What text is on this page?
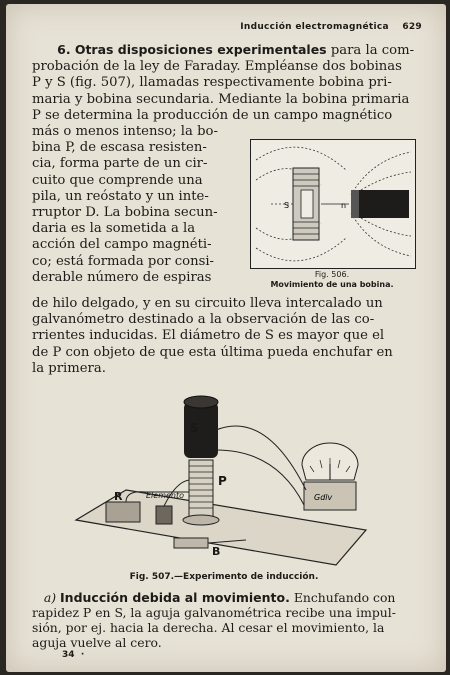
Inducción electromagnética 629
6. Otras disposiciones experimentales para la com-
probación de la ley de Faraday. Empléanse dos bobinas
P y S (fig. 507), llamadas respectivamente bobina pri-
maria y bobina secundaria. Mediante la bobina primaria
P se determina la producción de un campo magnético
más o menos intenso; la bo-
bina P, de escasa resisten-
cia, forma parte de un cir-
cuito que comprende una
pila, un reóstato y un inte-
rruptor D. La bobina secun-
daria es la sometida a la
acción del campo magnéti-
co; está formada por consi-
derable número de espiras
S	n
Fig. 506.
Movimiento de una bobina.
de hilo delgado, y en su circuito lleva intercalado un
galvanómetro destinado a la observación de las co-
rrientes inducidas. El diámetro de S es mayor que el
de P con objeto de que esta última pueda enchufar en
la primera.
Gdlv
S
P
R	Elemento
B
Fig. 507.—Experimento de inducción.
a) Inducción debida al movimiento. Enchufando con
rapidez P en S, la aguja galvanométrica recibe una impul-
sión, por ej. hacia la derecha. Al cesar el movimiento, la
aguja vuelve al cero.
34 ·
